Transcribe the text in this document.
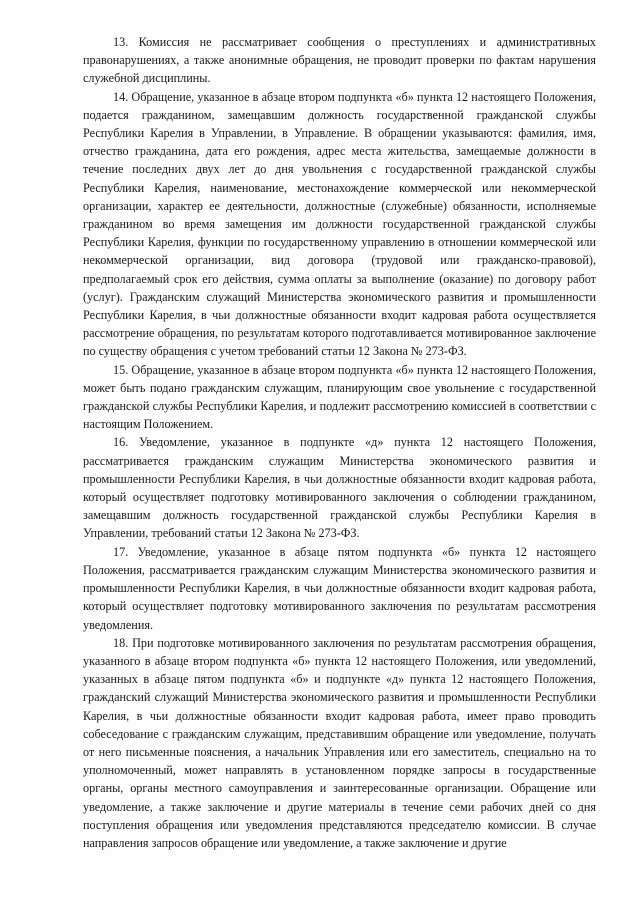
13. Комиссия не рассматривает сообщения о преступлениях и административных правонарушениях, а также анонимные обращения, не проводит проверки по фактам нарушения служебной дисциплины.

14. Обращение, указанное в абзаце втором подпункта «б» пункта 12 настоящего Положения, подается гражданином, замещавшим должность государственной гражданской службы Республики Карелия в Управлении, в Управление. В обращении указываются: фамилия, имя, отчество гражданина, дата его рождения, адрес места жительства, замещаемые должности в течение последних двух лет до дня увольнения с государственной гражданской службы Республики Карелия, наименование, местонахождение коммерческой или некоммерческой организации, характер ее деятельности, должностные (служебные) обязанности, исполняемые гражданином во время замещения им должности государственной гражданской службы Республики Карелия, функции по государственному управлению в отношении коммерческой или некоммерческой организации, вид договора (трудовой или гражданско-правовой), предполагаемый срок его действия, сумма оплаты за выполнение (оказание) по договору работ (услуг). Гражданским служащий Министерства экономического развития и промышленности Республики Карелия, в чьи должностные обязанности входит кадровая работа осуществляется рассмотрение обращения, по результатам которого подготавливается мотивированное заключение по существу обращения с учетом требований статьи 12 Закона № 273-ФЗ.

15. Обращение, указанное в абзаце втором подпункта «б» пункта 12 настоящего Положения, может быть подано гражданским служащим, планирующим свое увольнение с государственной гражданской службы Республики Карелия, и подлежит рассмотрению комиссией в соответствии с настоящим Положением.

16. Уведомление, указанное в подпункте «д» пункта 12 настоящего Положения, рассматривается гражданским служащим Министерства экономического развития и промышленности Республики Карелия, в чьи должностные обязанности входит кадровая работа, который осуществляет подготовку мотивированного заключения о соблюдении гражданином, замещавшим должность государственной гражданской службы Республики Карелия в Управлении, требований статьи 12 Закона № 273-ФЗ.

17. Уведомление, указанное в абзаце пятом подпункта «б» пункта 12 настоящего Положения, рассматривается гражданским служащим Министерства экономического развития и промышленности Республики Карелия, в чьи должностные обязанности входит кадровая работа, который осуществляет подготовку мотивированного заключения по результатам рассмотрения уведомления.

18. При подготовке мотивированного заключения по результатам рассмотрения обращения, указанного в абзаце втором подпункта «б» пункта 12 настоящего Положения, или уведомлений, указанных в абзаце пятом подпункта «б» и подпункте «д» пункта 12 настоящего Положения, гражданский служащий Министерства экономического развития и промышленности Республики Карелия, в чьи должностные обязанности входит кадровая работа, имеет право проводить собеседование с гражданским служащим, представившим обращение или уведомление, получать от него письменные пояснения, а начальник Управления или его заместитель, специально на то уполномоченный, может направлять в установленном порядке запросы в государственные органы, органы местного самоуправления и заинтересованные организации. Обращение или уведомление, а также заключение и другие материалы в течение семи рабочих дней со дня поступления обращения или уведомления представляются председателю комиссии. В случае направления запросов обращение или уведомление, а также заключение и другие
